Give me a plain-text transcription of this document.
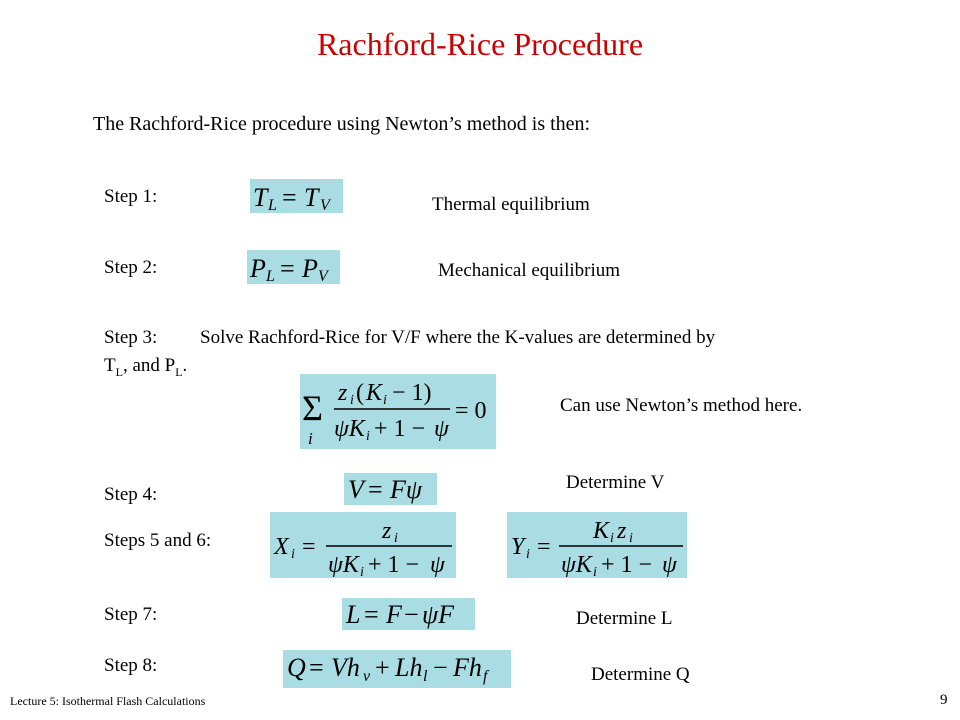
Rachford-Rice Procedure
The Rachford-Rice procedure using Newton’s method is then:
Step 1:	T L = T V	Thermal equilibrium
Step 2:	P L = P V	Mechanical equilibrium
Step 3: Solve Rachford-Rice for V/F where the K-values are determined by
$T_L$, and $P_L$.
Σ
i
z i ( K i − 1)
ψK i + 1 − ψ
= 0	Can use Newton’s method here.
Step 4:	V = Fψ	Determine V
Steps 5 and 6:	X i =
z i
ψK i + 1 − ψ
Y i =
K i z i
ψK i + 1 − ψ
Step 7:	L = F − ψF	Determine L
Step 8:	Q = Vh v + Lh l − Fh f	Determine Q
Lecture 5: Isothermal Flash Calculations	9
